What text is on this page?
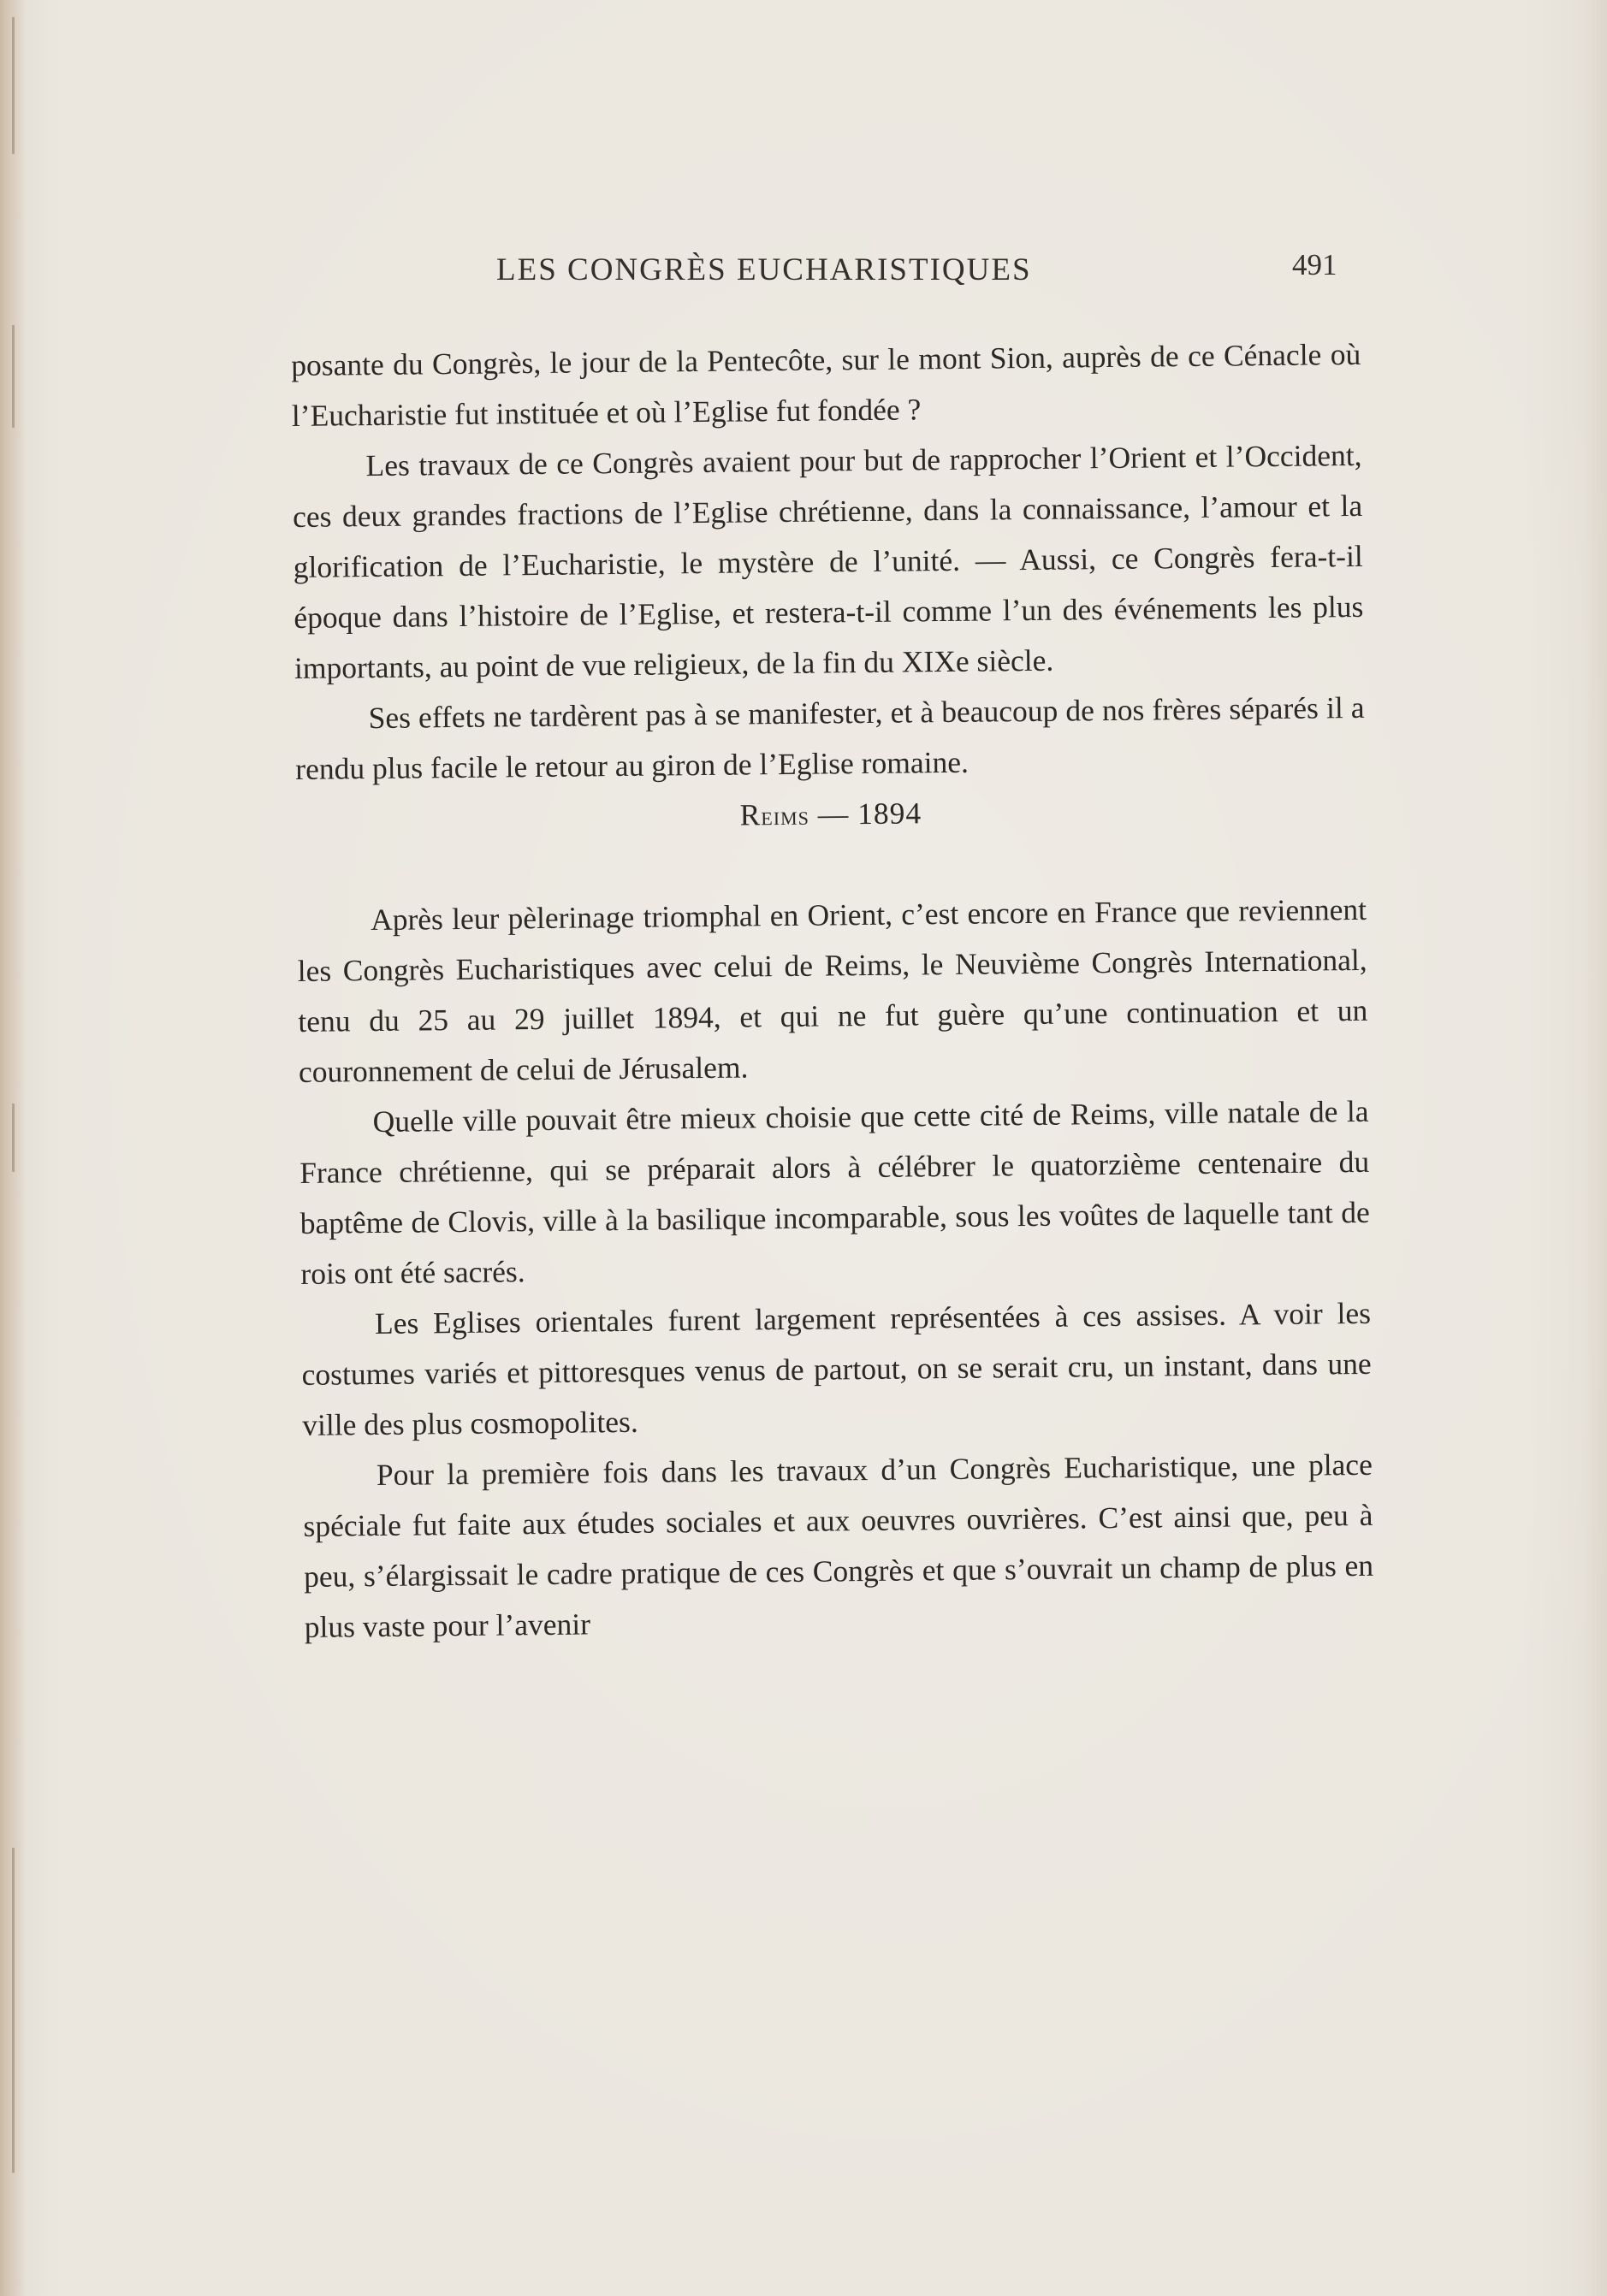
LES CONGRÈS EUCHARISTIQUES	491

posante du Congrès, le jour de la Pentecôte, sur le mont Sion, auprès de ce Cénacle où l’Eucharistie fut instituée et où l’Eglise fut fondée ?

Les travaux de ce Congrès avaient pour but de rapprocher l’Orient et l’Occident, ces deux grandes fractions de l’Eglise chrétienne, dans la connaissance, l’amour et la glorification de l’Eucharistie, le mystère de l’unité. — Aussi, ce Congrès fera-t-il époque dans l’histoire de l’Eglise, et restera-t-il comme l’un des événements les plus importants, au point de vue religieux, de la fin du XIXe siècle.

Ses effets ne tardèrent pas à se manifester, et à beaucoup de nos frères séparés il a rendu plus facile le retour au giron de l’Eglise romaine.

Reims — 1894

Après leur pèlerinage triomphal en Orient, c’est encore en France que reviennent les Congrès Eucharistiques avec celui de Reims, le Neuvième Congrès International, tenu du 25 au 29 juillet 1894, et qui ne fut guère qu’une continuation et un couronnement de celui de Jérusalem.

Quelle ville pouvait être mieux choisie que cette cité de Reims, ville natale de la France chrétienne, qui se préparait alors à célébrer le quatorzième centenaire du baptême de Clovis, ville à la basilique incomparable, sous les voûtes de laquelle tant de rois ont été sacrés.

Les Eglises orientales furent largement représentées à ces assises. A voir les costumes variés et pittoresques venus de partout, on se serait cru, un instant, dans une ville des plus cosmopolites.

Pour la première fois dans les travaux d’un Congrès Eucharistique, une place spéciale fut faite aux études sociales et aux oeuvres ouvrières. C’est ainsi que, peu à peu, s’élargissait le cadre pratique de ces Congrès et que s’ouvrait un champ de plus en plus vaste pour l’avenir
